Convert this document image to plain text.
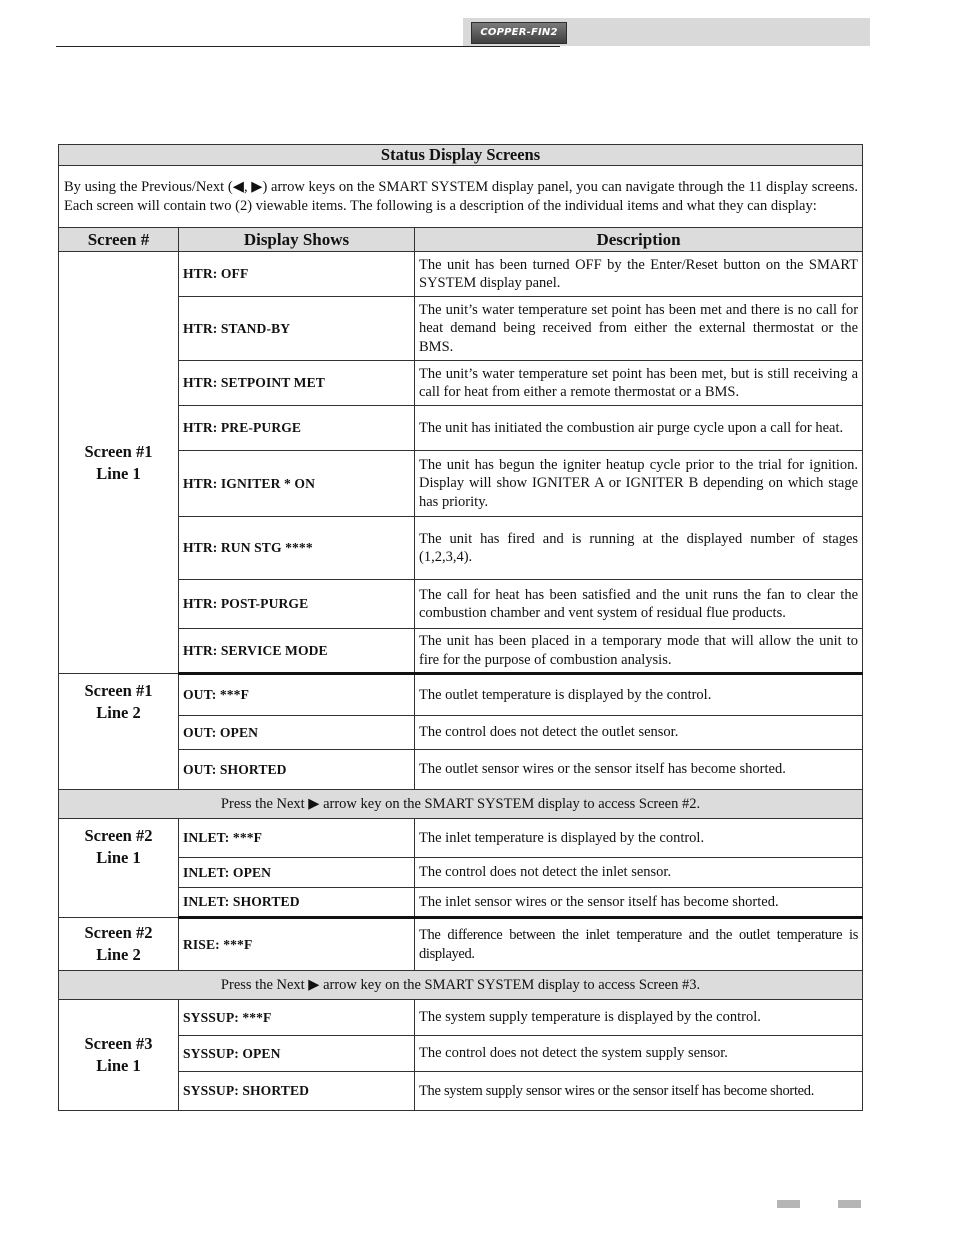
COPPER-FIN2
Status Display Screens		
By using the Previous/Next (◀, ▶) arrow keys on the SMART SYSTEM display panel, you can navigate through the 11 display screens. Each screen will contain two (2) viewable items. The following is a description of the individual items and what they can display:		
Screen #	Display Shows	Description
Screen #1
Line 1	HTR: OFF	The unit has been turned OFF by the Enter/Reset button on the SMART SYSTEM display panel.
	HTR: STAND-BY	The unit’s water temperature set point has been met and there is no call for heat demand being received from either the external thermostat or the BMS.
	HTR: SETPOINT MET	The unit’s water temperature set point has been met, but is still receiving a call for heat from either a remote thermostat or a BMS.
	HTR: PRE-PURGE	The unit has initiated the combustion air purge cycle upon a call for heat.
	HTR: IGNITER * ON	The unit has begun the igniter heatup cycle prior to the trial for ignition. Display will show IGNITER A or IGNITER B depending on which stage has priority.
	HTR: RUN STG ****	The unit has fired and is running at the displayed number of stages (1,2,3,4).
	HTR: POST-PURGE	The call for heat has been satisfied and the unit runs the fan to clear the combustion chamber and vent system of residual flue products.
	HTR: SERVICE MODE	The unit has been placed in a temporary mode that will allow the unit to fire for the purpose of combustion analysis.
Screen #1
Line 2	OUT: ***F	The outlet temperature is displayed by the control.
	OUT: OPEN	The control does not detect the outlet sensor.
	OUT: SHORTED	The outlet sensor wires or the sensor itself has become shorted.
Press the Next ▶ arrow key on the SMART SYSTEM display to access Screen #2.		
Screen #2
Line 1	INLET: ***F	The inlet temperature is displayed by the control.
	INLET: OPEN	The control does not detect the inlet sensor.
	INLET: SHORTED	The inlet sensor wires or the sensor itself has become shorted.
Screen #2
Line 2	RISE: ***F	The difference between the inlet temperature and the outlet temperature is displayed.
Press the Next ▶ arrow key on the SMART SYSTEM display to access Screen #3.		
Screen #3
Line 1	SYSSUP: ***F	The system supply temperature is displayed by the control.
	SYSSUP: OPEN	The control does not detect the system supply sensor.
	SYSSUP: SHORTED	The system supply sensor wires or the sensor itself has become shorted.
